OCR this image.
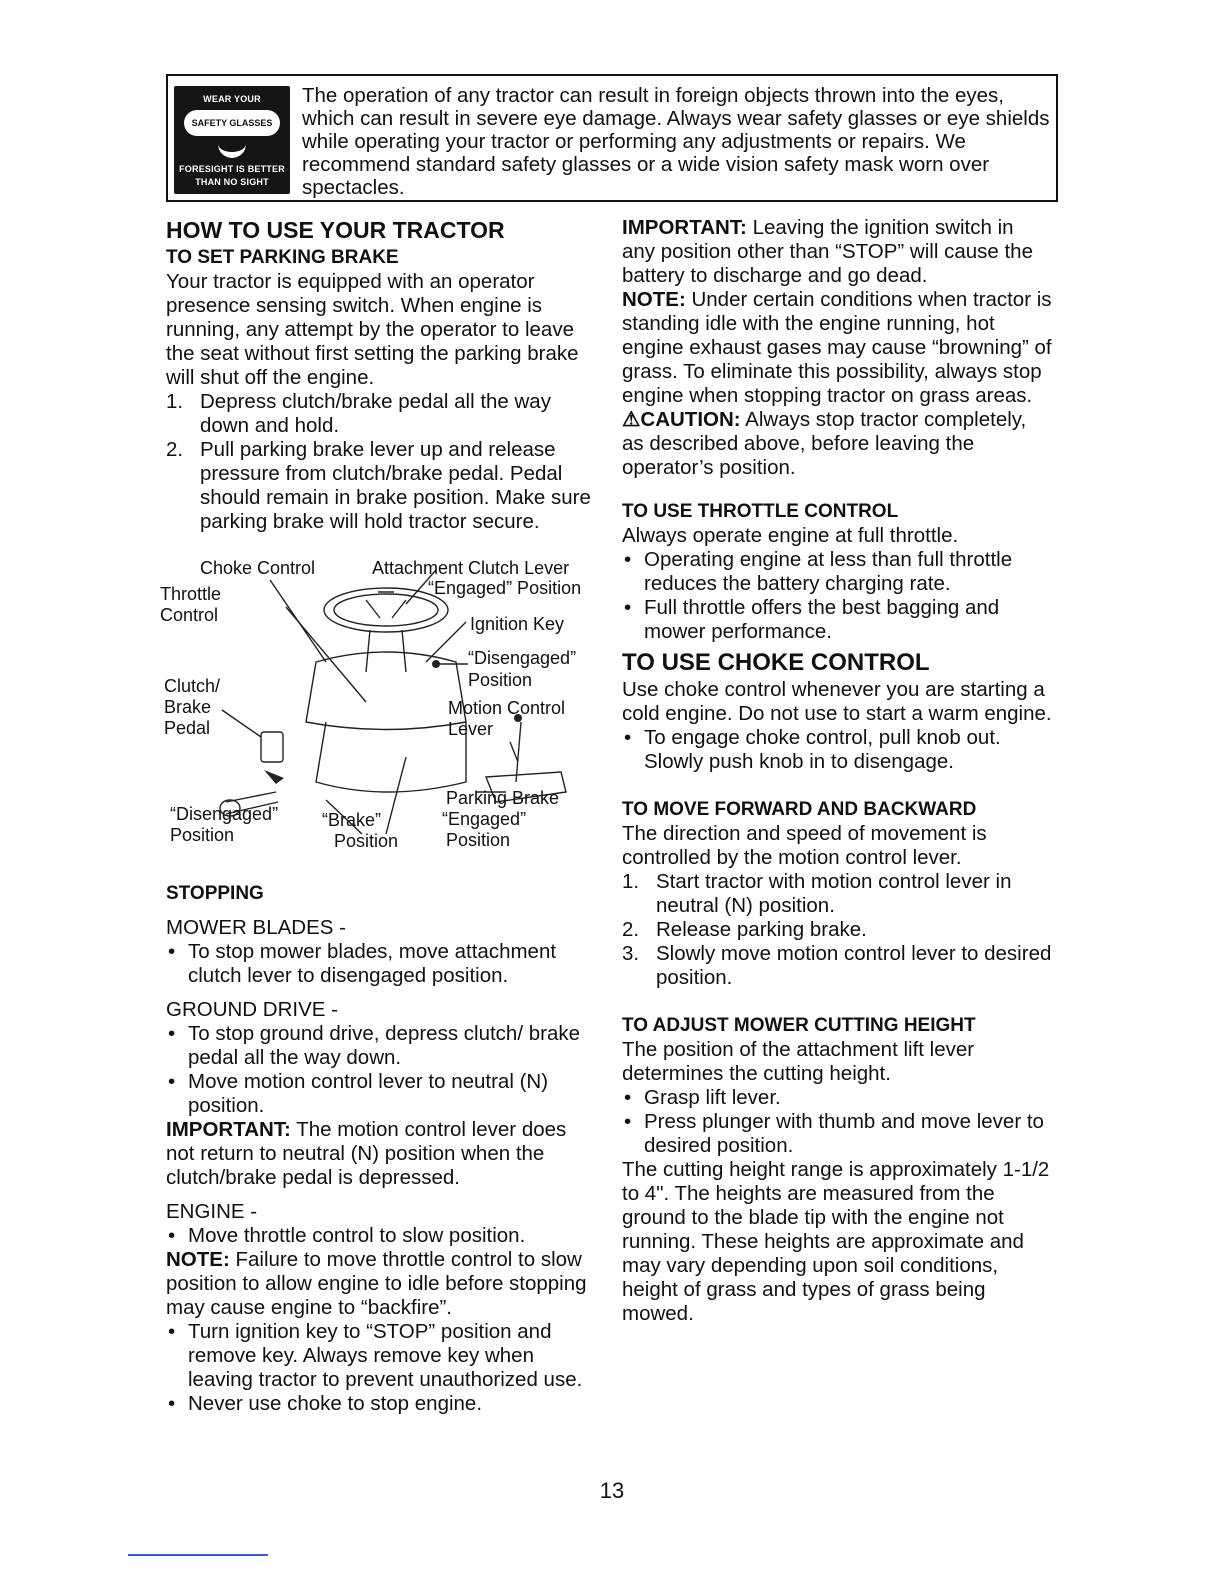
WEAR YOUR
SAFETY GLASSES
FORESIGHT IS BETTER
THAN NO SIGHT

The operation of any tractor can result in foreign objects thrown into the eyes, which can result in severe eye damage. Always wear safety glasses or eye shields while operating your tractor or performing any adjustments or repairs. We recommend standard safety glasses or a wide vision safety mask worn over spectacles.

HOW TO USE YOUR TRACTOR
TO SET PARKING BRAKE

Your tractor is equipped with an operator presence sensing switch. When engine is running, any attempt by the operator to leave the seat without first setting the parking brake will shut off the engine.

1. Depress clutch/brake pedal all the way down and hold.
2. Pull parking brake lever up and release pressure from clutch/brake pedal. Pedal should remain in brake position. Make sure parking brake will hold tractor secure.
Choke Control	Attachment Clutch Lever
“Engaged” Position
Throttle
Control	Ignition Key
“Disengaged”
Position
Clutch/
Brake
Pedal
Motion Control
Lever
Parking Brake
“Engaged”
Position
“Disengaged”
Position
“Brake”
Position
STOPPING

MOWER BLADES -

• To stop mower blades, move attachment clutch lever to disengaged position.

GROUND DRIVE -

• To stop ground drive, depress clutch/ brake pedal all the way down.
• Move motion control lever to neutral (N) position.

IMPORTANT: The motion control lever does not return to neutral (N) position when the clutch/brake pedal is depressed.

ENGINE -

• Move throttle control to slow position.

NOTE: Failure to move throttle control to slow position to allow engine to idle before stopping may cause engine to “backfire”.

• Turn ignition key to “STOP” position and remove key. Always remove key when leaving tractor to prevent unauthorized use.
• Never use choke to stop engine.

IMPORTANT: Leaving the ignition switch in any position other than “STOP” will cause the battery to discharge and go dead.

NOTE: Under certain conditions when tractor is standing idle with the engine running, hot engine exhaust gases may cause “browning” of grass. To eliminate this possibility, always stop engine when stopping tractor on grass areas.

⚠CAUTION: Always stop tractor completely, as described above, before leaving the operator’s position.

TO USE THROTTLE CONTROL

Always operate engine at full throttle.

• Operating engine at less than full throttle reduces the battery charging rate.
• Full throttle offers the best bagging and mower performance.
TO USE CHOKE CONTROL

Use choke control whenever you are starting a cold engine. Do not use to start a warm engine.

• To engage choke control, pull knob out. Slowly push knob in to disengage.
TO MOVE FORWARD AND BACKWARD

The direction and speed of movement is controlled by the motion control lever.

1. Start tractor with motion control lever in neutral (N) position.
2. Release parking brake.
3. Slowly move motion control lever to desired position.
TO ADJUST MOWER CUTTING HEIGHT

The position of the attachment lift lever determines the cutting height.

• Grasp lift lever.
• Press plunger with thumb and move lever to desired position.

The cutting height range is approximately 1-1/2 to 4". The heights are measured from the ground to the blade tip with the engine not running. These heights are approximate and may vary depending upon soil conditions, height of grass and types of grass being mowed.

13
